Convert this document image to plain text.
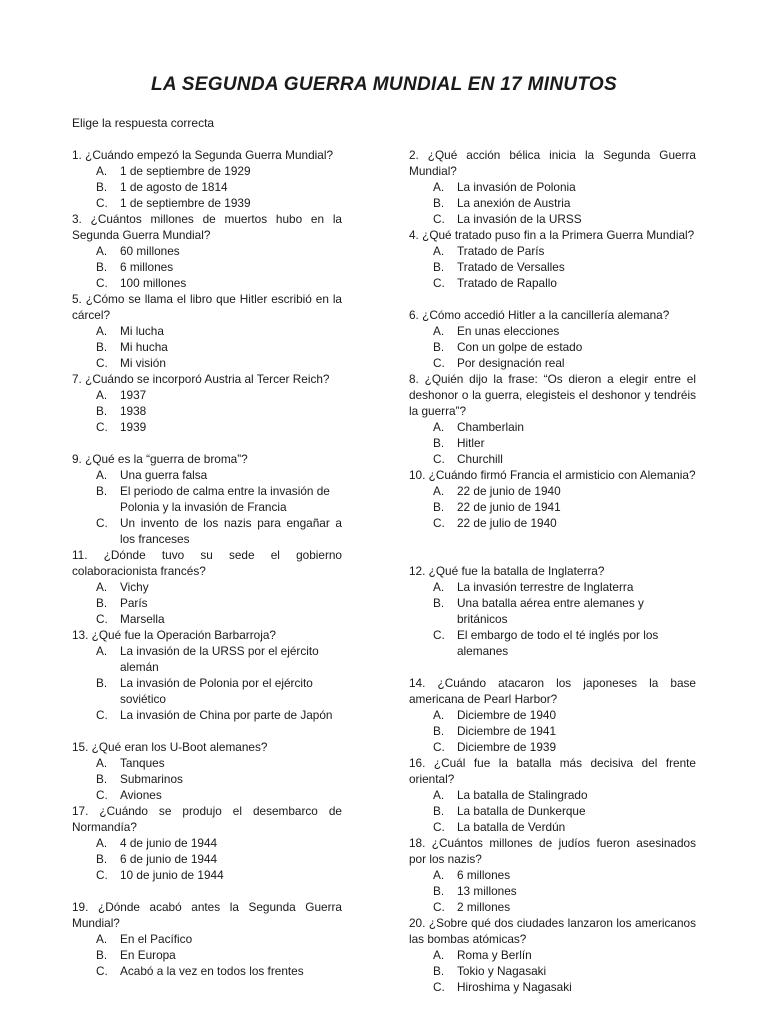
LA SEGUNDA GUERRA MUNDIAL EN 17 MINUTOS
Elige la respuesta correcta
1. ¿Cuándo empezó la Segunda Guerra Mundial?
A.	1 de septiembre de 1929
B.	1 de agosto de 1814
C.	1 de septiembre de 1939
3. ¿Cuántos millones de muertos hubo en la Segunda Guerra Mundial?
A.	60 millones
B.	6 millones
C.	100 millones
5. ¿Cómo se llama el libro que Hitler escribió en la cárcel?
A.	Mi lucha
B.	Mi hucha
C.	Mi visión
7. ¿Cuándo se incorporó Austria al Tercer Reich?
A.	1937
B.	1938
C.	1939
9. ¿Qué es la “guerra de broma”?
A.	Una guerra falsa
B.	El periodo de calma entre la invasión de Polonia y la invasión de Francia
C.	Un invento de los nazis para engañar a los franceses
11. ¿Dónde tuvo su sede el gobierno colaboracionista francés?
A.	Vichy
B.	París
C.	Marsella
13. ¿Qué fue la Operación Barbarroja?
A.	La invasión de la URSS por el ejército alemán
B.	La invasión de Polonia por el ejército soviético
C.	La invasión de China por parte de Japón
15. ¿Qué eran los U-Boot alemanes?
A.	Tanques
B.	Submarinos
C.	Aviones
17. ¿Cuándo se produjo el desembarco de Normandía?
A.	4 de junio de 1944
B.	6 de junio de 1944
C.	10 de junio de 1944
19. ¿Dónde acabó antes la Segunda Guerra Mundial?
A.	En el Pacífico
B.	En Europa
C.	Acabó a la vez en todos los frentes
2. ¿Qué acción bélica inicia la Segunda Guerra Mundial?
A.	La invasión de Polonia
B.	La anexión de Austria
C.	La invasión de la URSS
4. ¿Qué tratado puso fin a la Primera Guerra Mundial?
A.	Tratado de París
B.	Tratado de Versalles
C.	Tratado de Rapallo
6. ¿Cómo accedió Hitler a la cancillería alemana?
A.	En unas elecciones
B.	Con un golpe de estado
C.	Por designación real
8. ¿Quién dijo la frase: “Os dieron a elegir entre el deshonor o la guerra, elegisteis el deshonor y tendréis la guerra”?
A.	Chamberlain
B.	Hitler
C.	Churchill
10. ¿Cuándo firmó Francia el armisticio con Alemania?
A.	22 de junio de 1940
B.	22 de junio de 1941
C.	22 de julio de 1940
12. ¿Qué fue la batalla de Inglaterra?
A.	La invasión terrestre de Inglaterra
B.	Una batalla aérea entre alemanes y británicos
C.	El embargo de todo el té inglés por los alemanes
14. ¿Cuándo atacaron los japoneses la base americana de Pearl Harbor?
A.	Diciembre de 1940
B.	Diciembre de 1941
C.	Diciembre de 1939
16. ¿Cuál fue la batalla más decisiva del frente oriental?
A.	La batalla de Stalingrado
B.	La batalla de Dunkerque
C.	La batalla de Verdún
18. ¿Cuántos millones de judíos fueron asesinados por los nazis?
A.	6 millones
B.	13 millones
C.	2 millones
20. ¿Sobre qué dos ciudades lanzaron los americanos las bombas atómicas?
A.	Roma y Berlín
B.	Tokio y Nagasaki
C.	Hiroshima y Nagasaki
